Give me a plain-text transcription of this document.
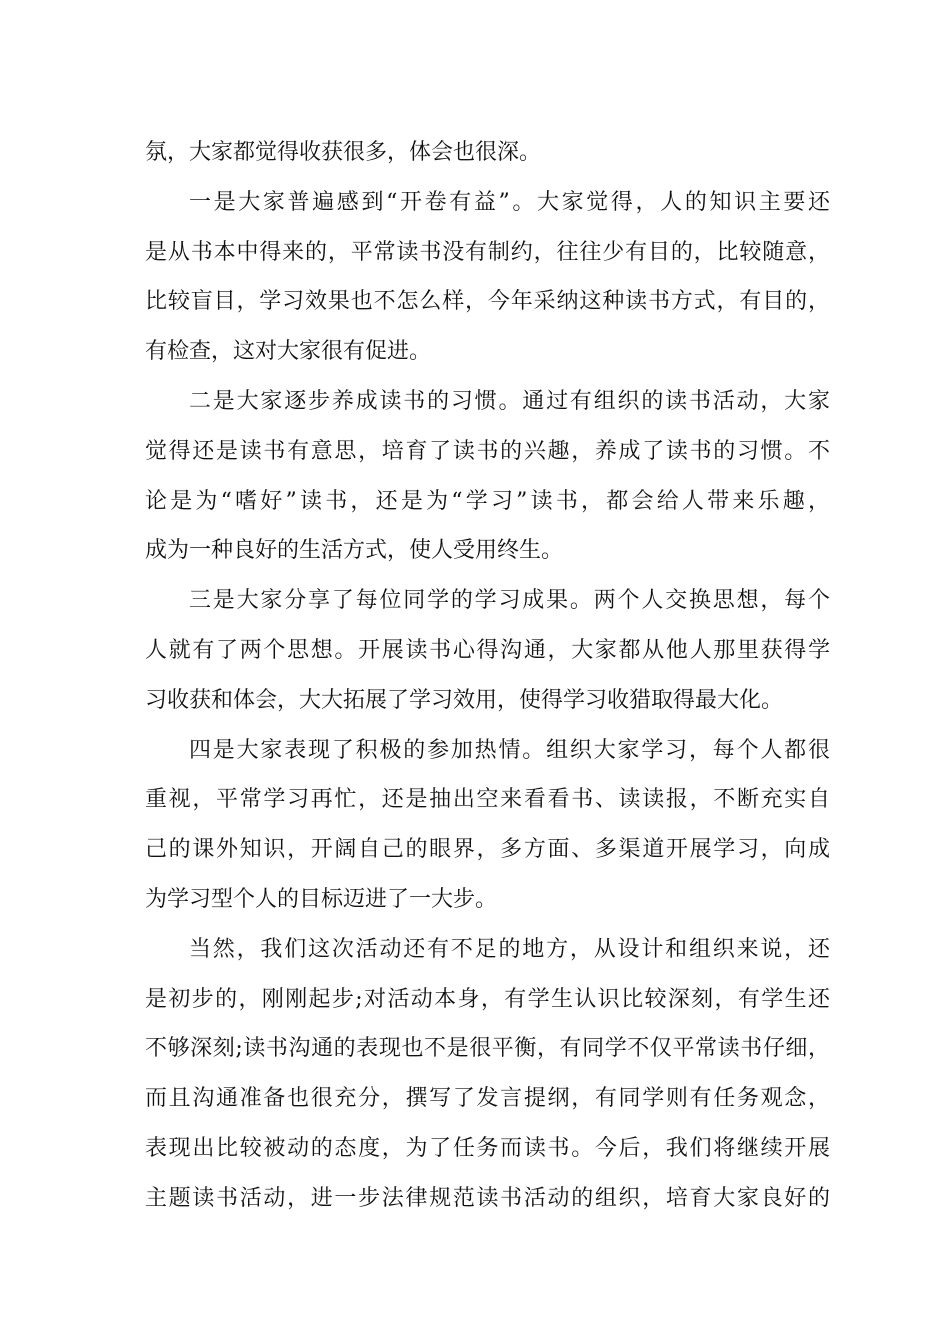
氛，大家都觉得收获很多，体会也很深。
一是大家普遍感到“开卷有益”。大家觉得，人的知识主要还
是从书本中得来的，平常读书没有制约，往往少有目的，比较随意，
比较盲目，学习效果也不怎么样，今年采纳这种读书方式，有目的，
有检查，这对大家很有促进。
二是大家逐步养成读书的习惯。通过有组织的读书活动，大家
觉得还是读书有意思，培育了读书的兴趣，养成了读书的习惯。不
论是为“嗜好”读书，还是为“学习”读书，都会给人带来乐趣，
成为一种良好的生活方式，使人受用终生。
三是大家分享了每位同学的学习成果。两个人交换思想，每个
人就有了两个思想。开展读书心得沟通，大家都从他人那里获得学
习收获和体会，大大拓展了学习效用，使得学习收猎取得最大化。
四是大家表现了积极的参加热情。组织大家学习，每个人都很
重视，平常学习再忙，还是抽出空来看看书、读读报，不断充实自
己的课外知识，开阔自己的眼界，多方面、多渠道开展学习，向成
为学习型个人的目标迈进了一大步。
当然，我们这次活动还有不足的地方，从设计和组织来说，还
是初步的，刚刚起步;对活动本身，有学生认识比较深刻，有学生还
不够深刻;读书沟通的表现也不是很平衡，有同学不仅平常读书仔细，
而且沟通准备也很充分，撰写了发言提纲，有同学则有任务观念，
表现出比较被动的态度，为了任务而读书。今后，我们将继续开展
主题读书活动，进一步法律规范读书活动的组织，培育大家良好的
